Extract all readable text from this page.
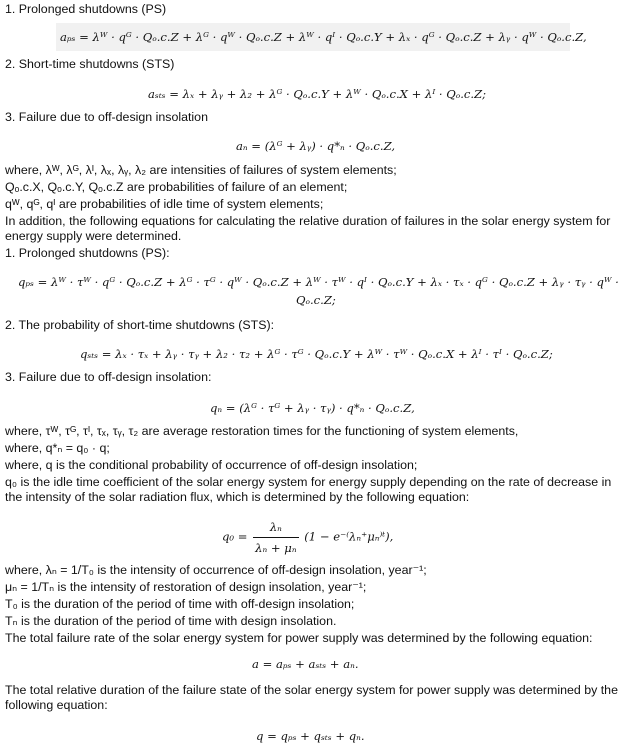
1. Prolonged shutdowns (PS)
aₚₛ = λᵂ · qᴳ · Qₒ.c.Z + λᴳ · qᵂ · Qₒ.c.Z + λᵂ · qᴵ · Qₒ.c.Y + λₓ · qᴳ · Qₒ.c.Z + λᵧ · qᵂ · Qₒ.c.Z,
2. Short-time shutdowns (STS)
aₛₜₛ = λₓ + λᵧ + λ₂ + λᴳ · Qₒ.c.Y + λᵂ · Qₒ.c.X + λᴵ · Qₒ.c.Z;
3. Failure due to off-design insolation
aₙ = (λᴳ + λᵧ) · q*ₙ · Qₒ.c.Z,
where, λᵂ, λᴳ, λᴵ, λₓ, λᵧ, λ₂ are intensities of failures of system elements;
Qₒ.c.X, Qₒ.c.Y, Qₒ.c.Z are probabilities of failure of an element;
qᵂ, qᴳ, qᴵ are probabilities of idle time of system elements;
In addition, the following equations for calculating the relative duration of failures in the solar energy system for energy supply were determined.
1. Prolonged shutdowns (PS):
qₚₛ = λᵂ · τᵂ · qᴳ · Qₒ.c.Z + λᴳ · τᴳ · qᵂ · Qₒ.c.Z + λᵂ · τᵂ · qᴵ · Qₒ.c.Y + λₓ · τₓ · qᴳ · Qₒ.c.Z + λᵧ · τᵧ · qᵂ ·
Qₒ.c.Z;
2. The probability of short-time shutdowns (STS):
qₛₜₛ = λₓ · τₓ + λᵧ · τᵧ + λ₂ · τ₂ + λᴳ · τᴳ · Qₒ.c.Y + λᵂ · τᵂ · Qₒ.c.X + λᴵ · τᴵ · Qₒ.c.Z;
3. Failure due to off-design insolation:
qₙ = (λᴳ · τᴳ + λᵧ · τᵧ) · q*ₙ · Qₒ.c.Z,
where, τᵂ, τᴳ, τᴵ, τₓ, τᵧ, τ₂ are average restoration times for the functioning of system elements,
where, q*ₙ = q₀ · q;
where, q is the conditional probability of occurrence of off-design insolation;
q₀ is the idle time coefficient of the solar energy system for energy supply depending on the rate of decrease in the intensity of the solar radiation flux, which is determined by the following equation:
$q_0 = \frac{\text{λₙ}}{\text{λₙ + μₙ}} (1$ − e⁻⁽λₙ⁺μₙ⁾ᵗ),
where, λₙ = 1/T₀ is the intensity of occurrence of off-design insolation, year⁻¹;
μₙ = 1/Tₙ is the intensity of restoration of design insolation, year⁻¹;
T₀ is the duration of the period of time with off-design insolation;
Tₙ is the duration of the period of time with design insolation.
The total failure rate of the solar energy system for power supply was determined by the following equation:
a = aₚₛ + aₛₜₛ + aₙ.
The total relative duration of the failure state of the solar energy system for power supply was determined by the following equation:
q = qₚₛ + qₛₜₛ + qₙ.
